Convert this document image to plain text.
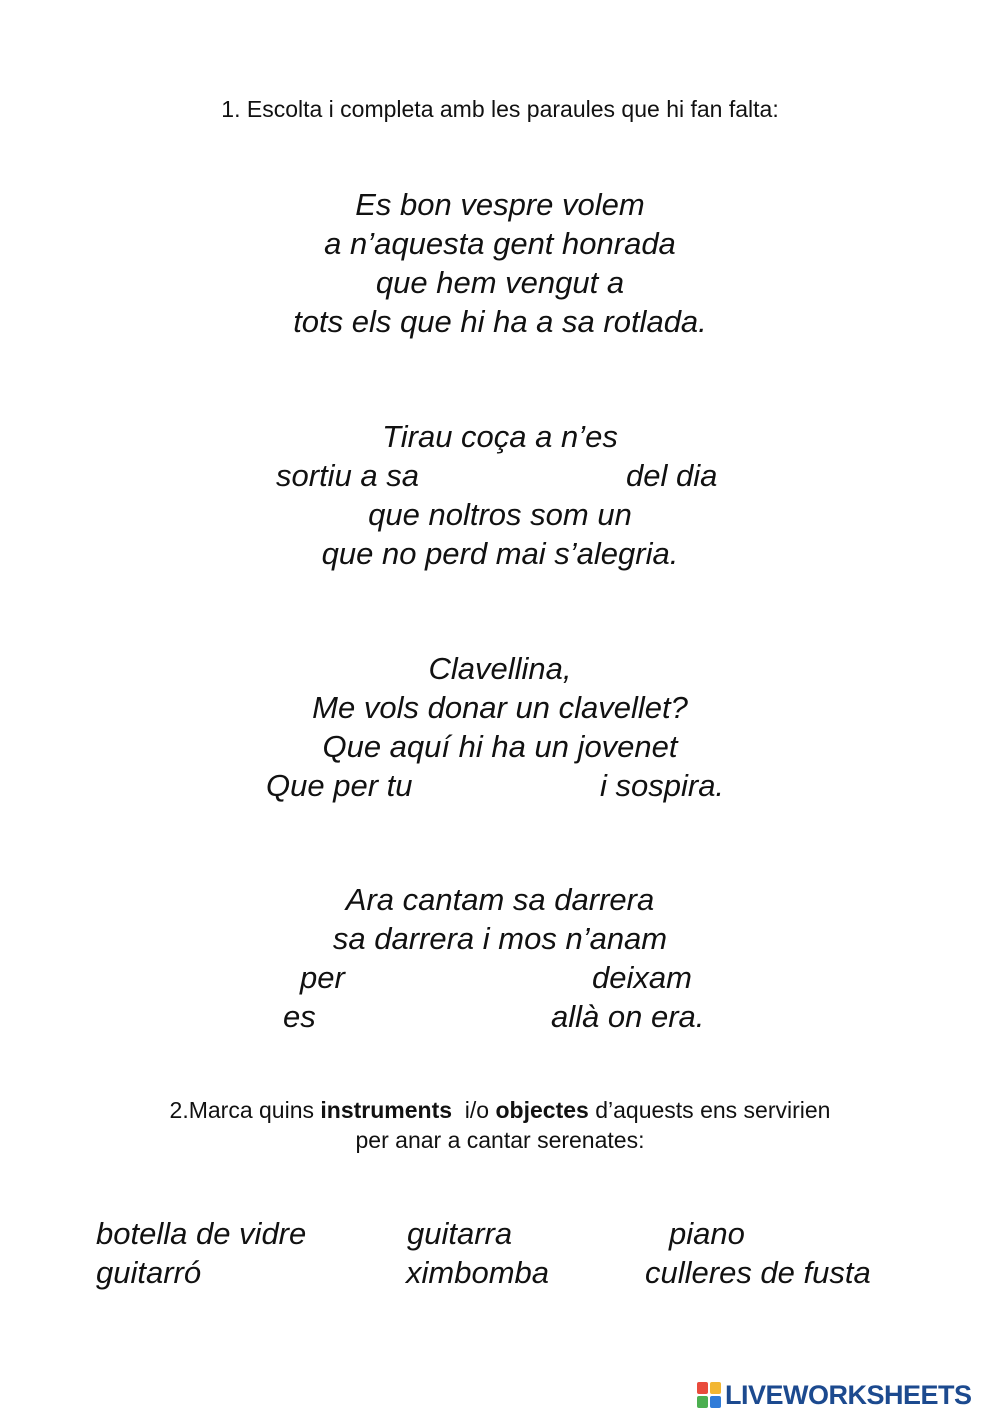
1. Escolta i completa amb les paraules que hi fan falta:
Es bon vespre volem
a n’aquesta gent honrada
que hem vengut a
tots els que hi ha a sa rotlada.
Tirau coça a n’es
sortiu a sa	del dia
que noltros som un
que no perd mai s’alegria.
Clavellina,
Me vols donar un clavellet?
Que aquí hi ha un jovenet
Que per tu	i sospira.
Ara cantam sa darrera
sa darrera i mos n’anam
per	deixam
es	allà on era.
2.Marca quins instruments  i/o objectes d’aquests ens servirien
per anar a cantar serenates:
botella de vidre	guitarra	piano
guitarró	ximbomba	culleres de fusta
LIVEWORKSHEETS
